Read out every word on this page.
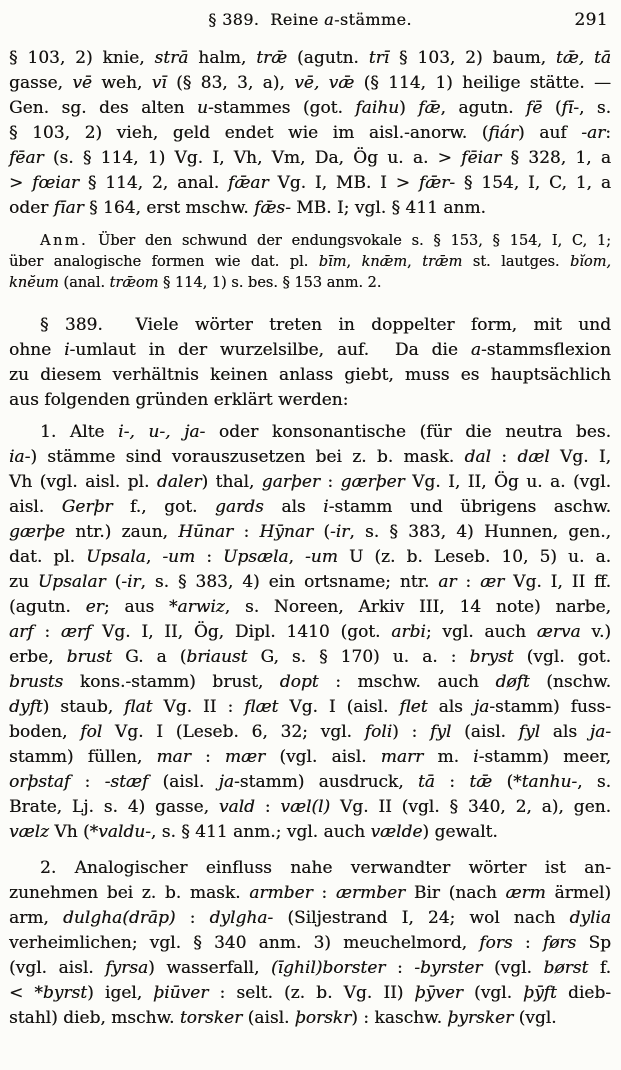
§ 389.  Reine a-stämme.	291
§ 103, 2) knie, strā halm, trǣ (agutn. trī § 103, 2) baum, tǣ, tā
gasse, vē weh, vī (§ 83, 3, a), vē, vǣ (§ 114, 1) heilige stätte. —
Gen. sg. des alten u-stammes (got. faihu) fǣ, agutn. fē (fī-, s.
§ 103, 2) vieh, geld endet wie im aisl.-anorw. (fiár) auf -ar:
fēar (s. § 114, 1) Vg. I, Vh, Vm, Da, Ög u. a. > fēiar § 328, 1, a
> fœiar § 114, 2, anal. fǣar Vg. I, MB. I > fǣr- § 154, I, C, 1, a
oder fīar § 164, erst mschw. fǣs- MB. I; vgl. § 411 anm.
Anm. Über den schwund der endungsvokale s. § 153, § 154, I, C, 1;
über analogische formen wie dat. pl. bīm, knǣm, trǣm st. lautges. bĭom,
knĕum (anal. trǣom § 114, 1) s. bes. § 153 anm. 2.
§ 389.  Viele wörter treten in doppelter form, mit und
ohne i-umlaut in der wurzelsilbe, auf.  Da die a-stammsflexion
zu diesem verhältnis keinen anlass giebt, muss es hauptsächlich
aus folgenden gründen erklärt werden:
1. Alte i-, u-, ja- oder konsonantische (für die neutra bes.
ia-) stämme sind vorauszusetzen bei z. b. mask. dal : dæl Vg. I,
Vh (vgl. aisl. pl. daler) thal, garþer : gærþer Vg. I, II, Ög u. a. (vgl.
aisl. Gerþr f., got. gards als i-stamm und übrigens aschw.
gærþe ntr.) zaun, Hūnar : Hȳnar (-ir, s. § 383, 4) Hunnen, gen.,
dat. pl. Upsala, -um : Upsæla, -um U (z. b. Leseb. 10, 5) u. a.
zu Upsalar (-ir, s. § 383, 4) ein ortsname; ntr. ar : ær Vg. I, II ff.
(agutn. er; aus *arwiz, s. Noreen, Arkiv III, 14 note) narbe,
arf : ærf Vg. I, II, Ög, Dipl. 1410 (got. arbi; vgl. auch ærva v.)
erbe, brust G. a (briaust G, s. § 170) u. a. : bryst (vgl. got.
brusts kons.-stamm) brust, dopt : mschw. auch døft (nschw.
dyft) staub, flat Vg. II : flæt Vg. I (aisl. flet als ja-stamm) fuss-
boden, fol Vg. I (Leseb. 6, 32; vgl. foli) : fyl (aisl. fyl als ja-
stamm) füllen, mar : mær (vgl. aisl. marr m. i-stamm) meer,
orþstaf : -stæf (aisl. ja-stamm) ausdruck, tā : tǣ (*tanhu-, s.
Brate, Lj. s. 4) gasse, vald : væl(l) Vg. II (vgl. § 340, 2, a), gen.
vælz Vh (*valdu-, s. § 411 anm.; vgl. auch vælde) gewalt.
2. Analogischer einfluss nahe verwandter wörter ist an-
zunehmen bei z. b. mask. armber : ærmber Bir (nach ærm ärmel)
arm, dulgha(drāp) : dylgha- (Siljestrand I, 24; wol nach dylia
verheimlichen; vgl. § 340 anm. 3) meuchelmord, fors : førs Sp
(vgl. aisl. fyrsa) wasserfall, (īghil)borster : -byrster (vgl. børst f.
< *byrst) igel, þiūver : selt. (z. b. Vg. II) þȳver (vgl. þȳft dieb-
stahl) dieb, mschw. torsker (aisl. þorskr) : kaschw. þyrsker (vgl.
